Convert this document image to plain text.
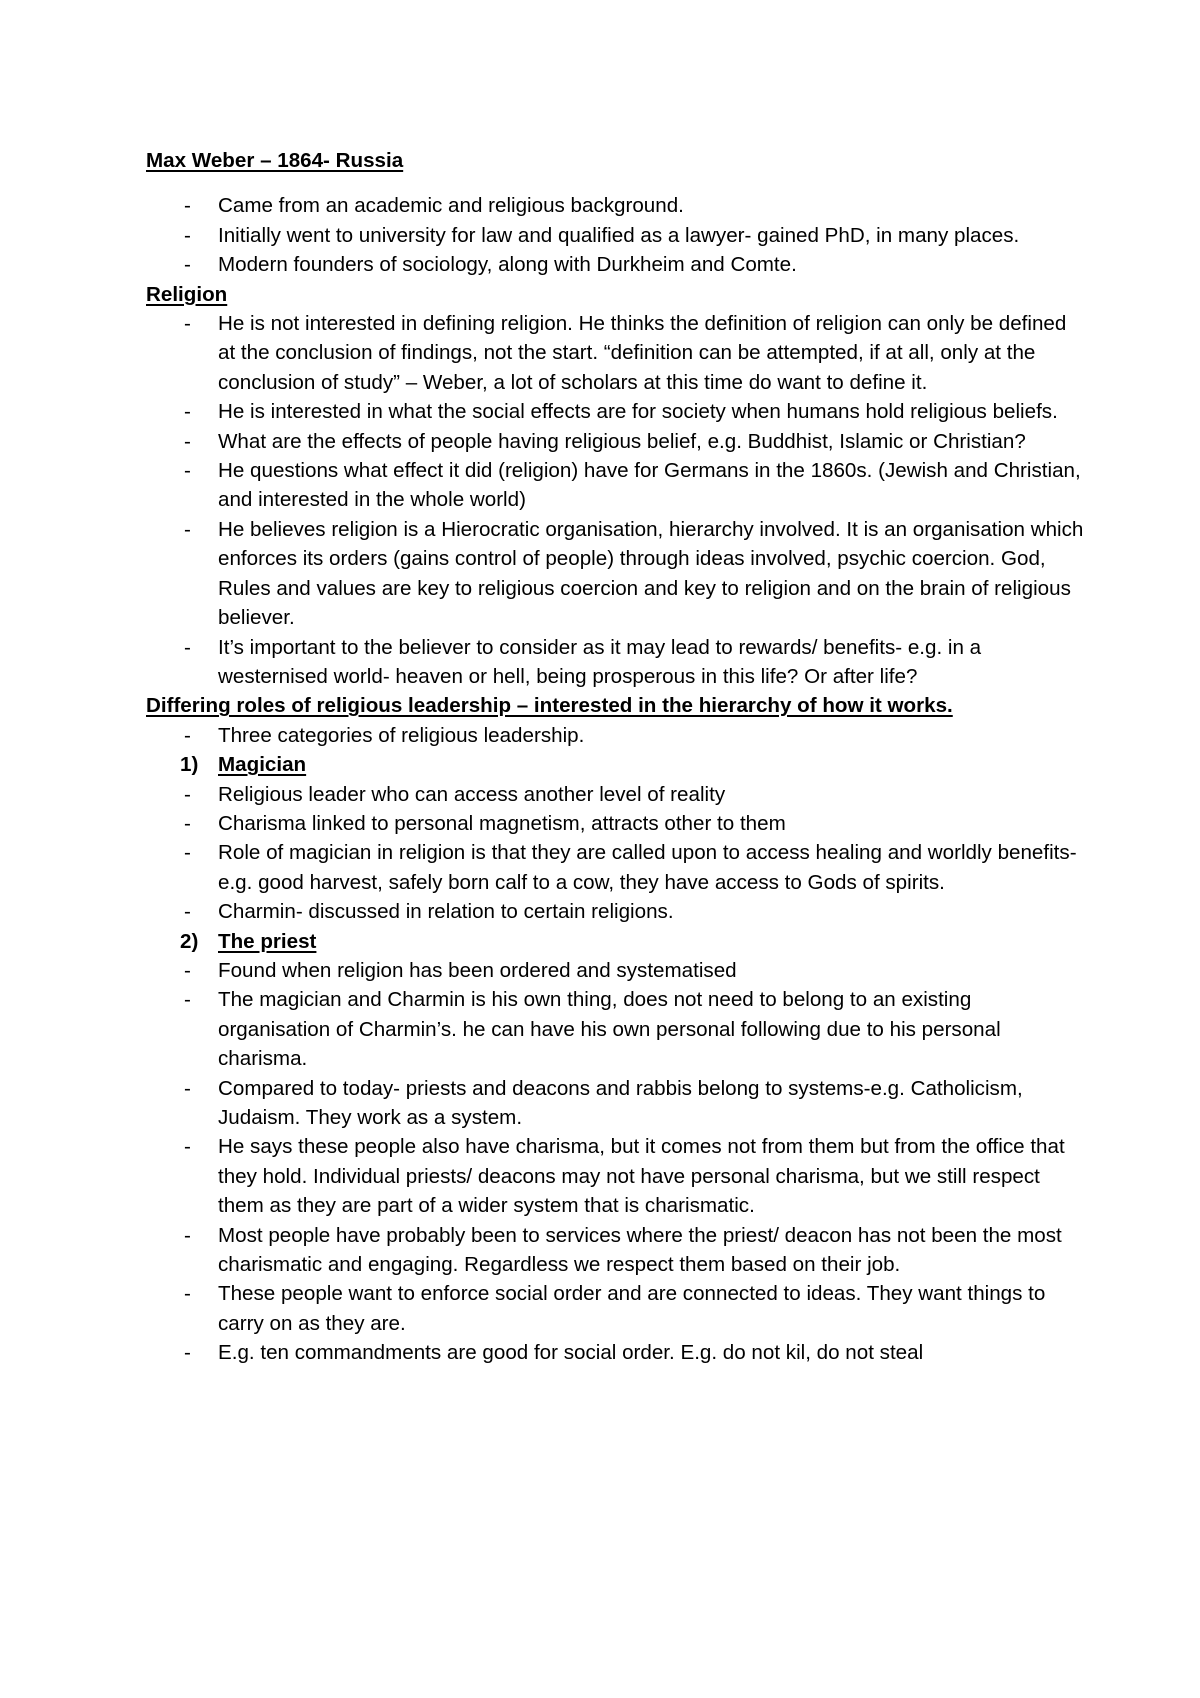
Max Weber – 1864- Russia

- Came from an academic and religious background.
- Initially went to university for law and qualified as a lawyer- gained PhD, in many places.
- Modern founders of sociology, along with Durkheim and Comte.

Religion

- He is not interested in defining religion. He thinks the definition of religion can only be defined at the conclusion of findings, not the start. “definition can be attempted, if at all, only at the conclusion of study” – Weber, a lot of scholars at this time do want to define it.
- He is interested in what the social effects are for society when humans hold religious beliefs.
- What are the effects of people having religious belief, e.g. Buddhist, Islamic or Christian?
- He questions what effect it did (religion) have for Germans in the 1860s. (Jewish and Christian, and interested in the whole world)
- He believes religion is a Hierocratic organisation, hierarchy involved. It is an organisation which enforces its orders (gains control of people) through ideas involved, psychic coercion. God, Rules and values are key to religious coercion and key to religion and on the brain of religious believer.
- It’s important to the believer to consider as it may lead to rewards/ benefits- e.g. in a westernised world- heaven or hell, being prosperous in this life? Or after life?

Differing roles of religious leadership – interested in the hierarchy of how it works.

- Three categories of religious leadership.

1) Magician

- Religious leader who can access another level of reality
- Charisma linked to personal magnetism, attracts other to them
- Role of magician in religion is that they are called upon to access healing and worldly benefits- e.g. good harvest, safely born calf to a cow, they have access to Gods of spirits.
- Charmin- discussed in relation to certain religions.

2) The priest

- Found when religion has been ordered and systematised
- The magician and Charmin is his own thing, does not need to belong to an existing organisation of Charmin’s. he can have his own personal following due to his personal charisma.
- Compared to today- priests and deacons and rabbis belong to systems-e.g. Catholicism, Judaism. They work as a system.
- He says these people also have charisma, but it comes not from them but from the office that they hold. Individual priests/ deacons may not have personal charisma, but we still respect them as they are part of a wider system that is charismatic.
- Most people have probably been to services where the priest/ deacon has not been the most charismatic and engaging. Regardless we respect them based on their job.
- These people want to enforce social order and are connected to ideas. They want things to carry on as they are.
- E.g. ten commandments are good for social order. E.g. do not kil, do not steal
